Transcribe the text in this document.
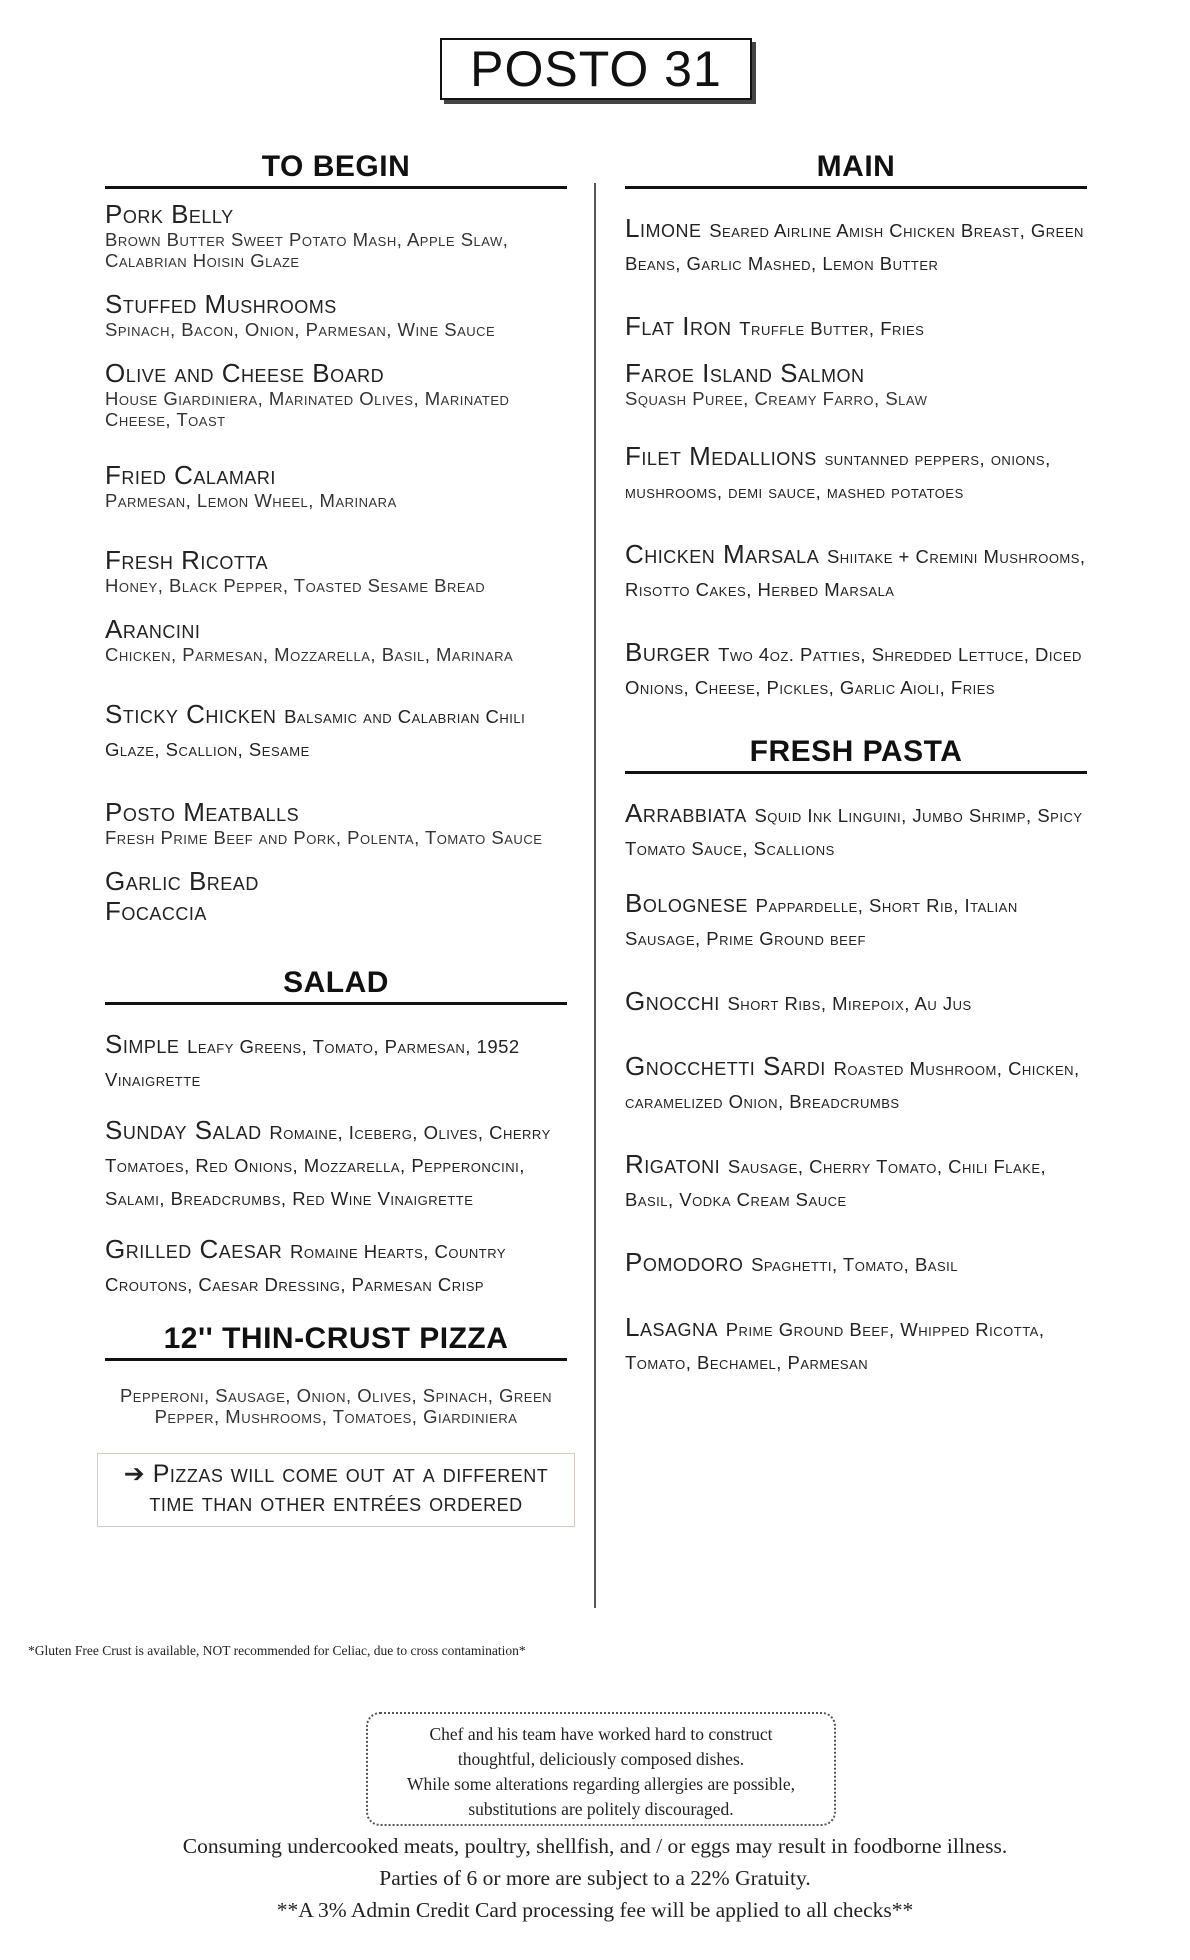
POSTO 31
TO BEGIN
Pork Belly
Brown Butter Sweet Potato Mash, Apple Slaw, Calabrian Hoisin Glaze
Stuffed Mushrooms
Spinach, Bacon, Onion, Parmesan, Wine Sauce
Olive and Cheese Board
House Giardiniera, Marinated Olives, Marinated Cheese, Toast
Fried Calamari
Parmesan, Lemon Wheel, Marinara
Fresh Ricotta
Honey, Black Pepper, Toasted Sesame Bread
Arancini
Chicken, Parmesan, Mozzarella, Basil, Marinara
Sticky Chicken Balsamic and Calabrian Chili Glaze, Scallion, Sesame
Posto Meatballs
Fresh Prime Beef and Pork, Polenta, Tomato Sauce
Garlic Bread
Focaccia
SALAD
Simple Leafy Greens, Tomato, Parmesan, 1952 Vinaigrette
Sunday Salad Romaine, Iceberg, Olives, Cherry Tomatoes, Red Onions, Mozzarella, Pepperoncini, Salami, Breadcrumbs, Red Wine Vinaigrette
Grilled Caesar Romaine Hearts, Country Croutons, Caesar Dressing, Parmesan Crisp
12'' THIN-CRUST PIZZA
Pepperoni, Sausage, Onion, Olives, Spinach, Green Pepper, Mushrooms, Tomatoes, Giardiniera
➔ Pizzas will come out at a different time than other entrées ordered
MAIN
Limone Seared Airline Amish Chicken Breast, Green Beans, Garlic Mashed, Lemon Butter
Flat Iron Truffle Butter, Fries
Faroe Island Salmon
Squash Puree, Creamy Farro, Slaw
Filet Medallions suntanned peppers, onions, mushrooms, demi sauce, mashed potatoes
Chicken Marsala Shiitake + Cremini Mushrooms, Risotto Cakes, Herbed Marsala
Burger Two 4oz. Patties, Shredded Lettuce, Diced Onions, Cheese, Pickles, Garlic Aioli, Fries
FRESH PASTA
Arrabbiata Squid Ink Linguini, Jumbo Shrimp, Spicy Tomato Sauce, Scallions
Bolognese Pappardelle, Short Rib, Italian Sausage, Prime Ground beef
Gnocchi Short Ribs, Mirepoix, Au Jus
Gnocchetti Sardi Roasted Mushroom, Chicken, caramelized Onion, Breadcrumbs
Rigatoni Sausage, Cherry Tomato, Chili Flake, Basil, Vodka Cream Sauce
Pomodoro Spaghetti, Tomato, Basil
Lasagna Prime Ground Beef, Whipped Ricotta, Tomato, Bechamel, Parmesan
*Gluten Free Crust is available, NOT recommended for Celiac, due to cross contamination*
Chef and his team have worked hard to construct
thoughtful, deliciously composed dishes.
While some alterations regarding allergies are possible,
substitutions are politely discouraged.
Consuming undercooked meats, poultry, shellfish, and / or eggs may result in foodborne illness.
Parties of 6 or more are subject to a 22% Gratuity.
**A 3% Admin Credit Card processing fee will be applied to all checks**
